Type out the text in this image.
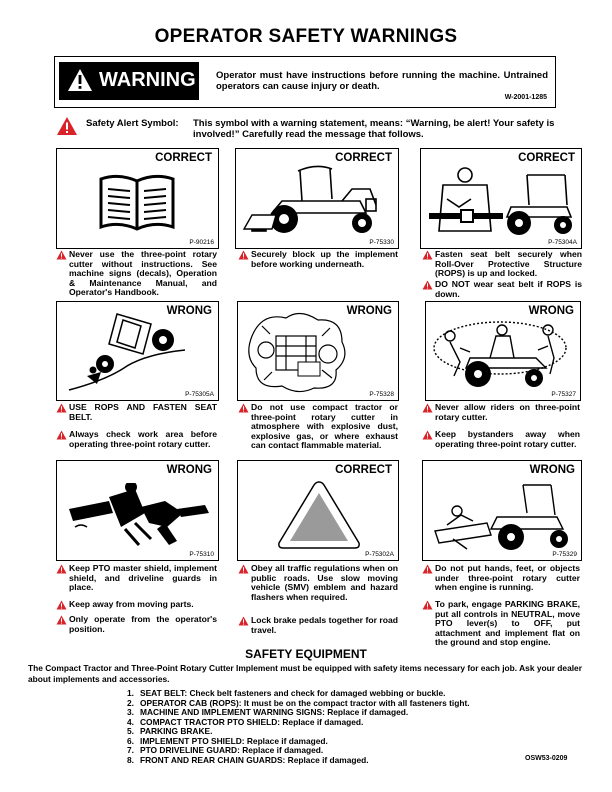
OPERATOR SAFETY WARNINGS
WARNING Operator must have instructions before running the machine. Untrained operators can cause injury or death.
W-2001-1285
Safety Alert Symbol: This symbol with a warning statement, means: “Warning, be alert! Your safety is involved!” Carefully read the message that follows.
CORRECT
P-90216
CORRECT
P-75330
CORRECT
P-75304A
Never use the three-point rotary cutter without instructions. See machine signs (decals), Operation & Maintenance Manual, and Operator's Handbook.
Securely block up the implement before working underneath.
Fasten seat belt securely when Roll-Over Protective Structure (ROPS) is up and locked.
DO NOT wear seat belt if ROPS is down.
WRONG
P-75305A
WRONG
P-75328
WRONG
P-75327
USE ROPS AND FASTEN SEAT BELT.
Always check work area before operating three-point rotary cutter.
Do not use compact tractor or three-point rotary cutter in atmosphere with explosive dust, explosive gas, or where exhaust can contact flammable material.
Never allow riders on three-point rotary cutter.
Keep bystanders away when operating three-point rotary cutter.
WRONG
P-75310
CORRECT
P-75302A
WRONG
P-75329
Keep PTO master shield, implement shield, and driveline guards in place.
Keep away from moving parts.
Only operate from the operator's position.
Obey all traffic regulations when on public roads. Use slow moving vehicle (SMV) emblem and hazard flashers when required.
Lock brake pedals together for road travel.
Do not put hands, feet, or objects under three-point rotary cutter when engine is running.
To park, engage PARKING BRAKE, put all controls in NEUTRAL, move PTO lever(s) to OFF, put attachment and implement flat on the ground and stop engine.
SAFETY EQUIPMENT
The Compact Tractor and Three-Point Rotary Cutter Implement must be equipped with safety items necessary for each job. Ask your dealer about implements and accessories.
1. SEAT BELT: Check belt fasteners and check for damaged webbing or buckle.
2. OPERATOR CAB (ROPS): It must be on the compact tractor with all fasteners tight.
3. MACHINE AND IMPLEMENT WARNING SIGNS: Replace if damaged.
4. COMPACT TRACTOR PTO SHIELD: Replace if damaged.
5. PARKING BRAKE.
6. IMPLEMENT PTO SHIELD: Replace if damaged.
7. PTO DRIVELINE GUARD: Replace if damaged.
8. FRONT AND REAR CHAIN GUARDS: Replace if damaged.	OSW53-0209
